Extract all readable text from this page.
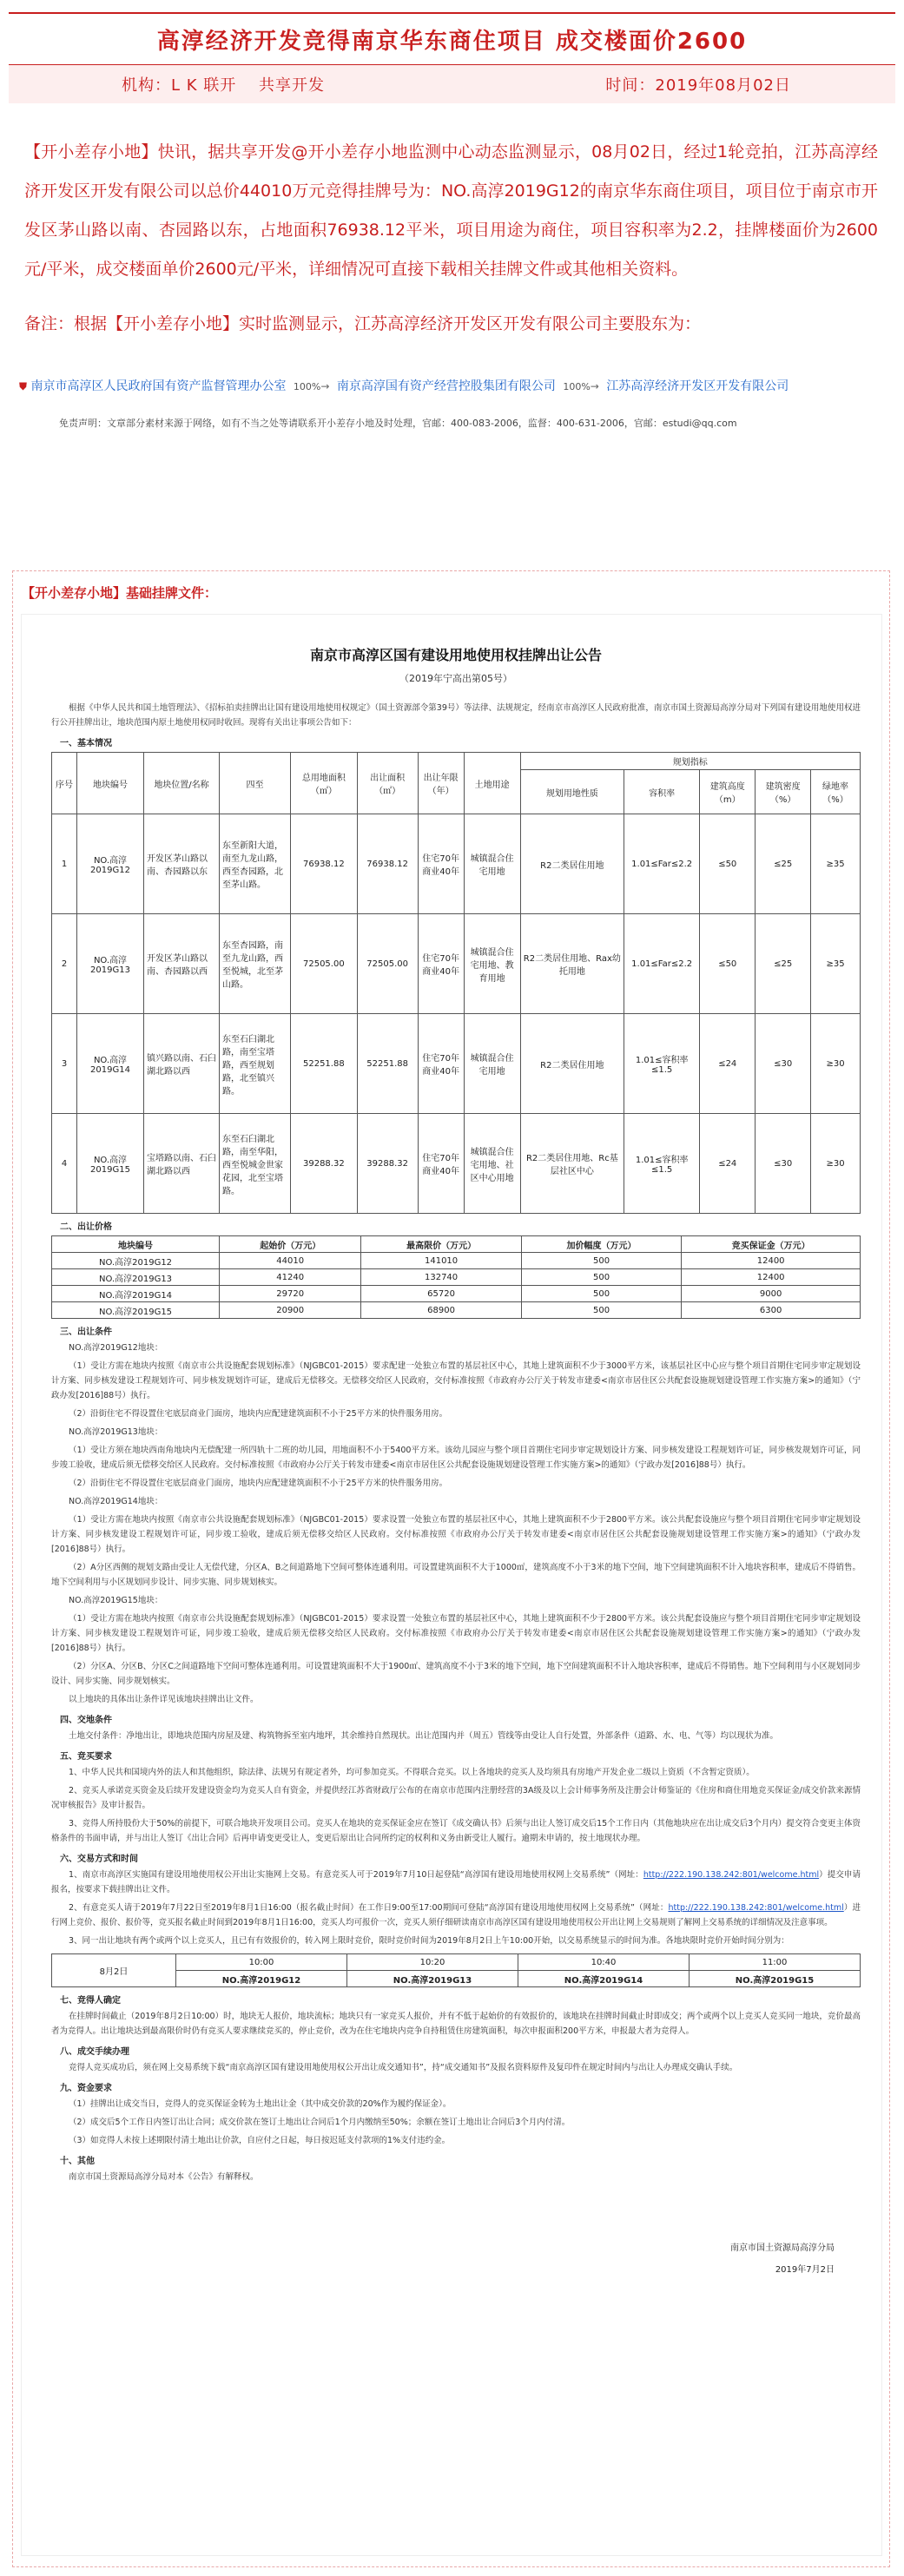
高淳经济开发竞得南京华东商住项目 成交楼面价2600
机构：L K 联开　 共享开发	时间：2019年08月02日
【开小差存小地】快讯，据共享开发@开小差存小地监测中心动态监测显示，08月02日，经过1轮竞拍，江苏高淳经济开发区开发有限公司以总价44010万元竞得挂牌号为：NO.高淳2019G12的南京华东商住项目，项目位于南京市开发区茅山路以南、杏园路以东，占地面积76938.12平米，项目用途为商住，项目容积率为2.2，挂牌楼面价为2600元/平米，成交楼面单价2600元/平米，详细情况可直接下载相关挂牌文件或其他相关资料。
备注：根据【开小差存小地】实时监测显示，江苏高淳经济开发区开发有限公司主要股东为：
⛊ 南京市高淳区人民政府国有资产监督管理办公室 100%→ 南京高淳国有资产经营控股集团有限公司 100%→ 江苏高淳经济开发区开发有限公司
免责声明：文章部分素材来源于网络，如有不当之处等请联系开小差存小地及时处理，官邮：400-083-2006，监督：400-631-2006，官邮：estudi@qq.com
【开小差存小地】基础挂牌文件：
南京市高淳区国有建设用地使用权挂牌出让公告
（2019年宁高出第05号）

根据《中华人民共和国土地管理法》、《招标拍卖挂牌出让国有建设用地使用权规定》（国土资源部令第39号）等法律、法规规定，经南京市高淳区人民政府批准，南京市国土资源局高淳分局对下列国有建设用地使用权进行公开挂牌出让，地块范围内原土地使用权同时收回。现将有关出让事项公告如下：

一、基本情况
序号	地块编号	地块位置/名称	四至	总用地面积（㎡）	出让面积（㎡）	出让年限（年）	土地用途	规划指标				
								规划用地性质	容积率	建筑高度（m）	建筑密度（%）	绿地率（%）
1	NO.高淳2019G12	开发区茅山路以南、杏园路以东	东至新阳大道，南至九龙山路，西至杏园路，北至茅山路。	76938.12	76938.12	住宅70年商业40年	城镇混合住宅用地	R2二类居住用地	1.01≤Far≤2.2	≤50	≤25	≥35
2	NO.高淳2019G13	开发区茅山路以南、杏园路以西	东至杏园路，南至九龙山路，西至悦城，北至茅山路。	72505.00	72505.00	住宅70年商业40年	城镇混合住宅用地、教育用地	R2二类居住用地、Rax幼托用地	1.01≤Far≤2.2	≤50	≤25	≥35
3	NO.高淳2019G14	镇兴路以南、石臼湖北路以西	东至石臼湖北路，南至宝塔路，西至规划路，北至镇兴路。	52251.88	52251.88	住宅70年商业40年	城镇混合住宅用地	R2二类居住用地	1.01≤容积率≤1.5	≤24	≤30	≥30
4	NO.高淳2019G15	宝塔路以南、石臼湖北路以西	东至石臼湖北路，南至华阳，西至悦城金世家花园，北至宝塔路。	39288.32	39288.32	住宅70年商业40年	城镇混合住宅用地、社区中心用地	R2二类居住用地、Rc基层社区中心	1.01≤容积率≤1.5	≤24	≤30	≥30
二、出让价格
地块编号	起始价（万元）	最高限价（万元）	加价幅度（万元）	竞买保证金（万元）
NO.高淳2019G12	44010	141010	500	12400
NO.高淳2019G13	41240	132740	500	12400
NO.高淳2019G14	29720	65720	500	9000
NO.高淳2019G15	20900	68900	500	6300
三、出让条件

NO.高淳2019G12地块：

（1）受让方需在地块内按照《南京市公共设施配套规划标准》（NJGBC01-2015）要求配建一处独立布置的基层社区中心，其地上建筑面积不少于3000平方米，该基层社区中心应与整个项目首期住宅同步审定规划设计方案、同步核发建设工程规划许可、同步核发规划许可证，建成后无偿移交。无偿移交给区人民政府，交付标准按照《市政府办公厅关于转发市建委<南京市居住区公共配套设施规划建设管理工作实施方案>的通知》（宁政办发[2016]88号）执行。

（2）沿街住宅不得设置住宅底层商业门面房，地块内应配建建筑面积不小于25平方米的快件服务用房。

NO.高淳2019G13地块：

（1）受让方须在地块西南角地块内无偿配建一所四轨十二班的幼儿园，用地面积不小于5400平方米。该幼儿园应与整个项目首期住宅同步审定规划设计方案、同步核发建设工程规划许可证，同步核发规划许可证，同步竣工验收，建成后须无偿移交给区人民政府。交付标准按照《市政府办公厅关于转发市建委<南京市居住区公共配套设施规划建设管理工作实施方案>的通知》（宁政办发[2016]88号）执行。

（2）沿街住宅不得设置住宅底层商业门面房，地块内应配建建筑面积不小于25平方米的快件服务用房。

NO.高淳2019G14地块：

（1）受让方需在地块内按照《南京市公共设施配套规划标准》（NJGBC01-2015）要求设置一处独立布置的基层社区中心，其地上建筑面积不少于2800平方米。该公共配套设施应与整个项目首期住宅同步审定规划设计方案、同步核发建设工程规划许可证，同步竣工验收，建成后须无偿移交给区人民政府。交付标准按照《市政府办公厅关于转发市建委<南京市居住区公共配套设施规划建设管理工作实施方案>的通知》（宁政办发[2016]88号）执行。

（2）A分区西侧的规划支路由受让人无偿代建，分区A、B之间道路地下空间可整体连通利用。可设置建筑面积不大于1000㎡，建筑高度不小于3米的地下空间，地下空间建筑面积不计入地块容积率，建成后不得销售。地下空间利用与小区规划同步设计、同步实施、同步规划核实。

NO.高淳2019G15地块：

（1）受让方需在地块内按照《南京市公共设施配套规划标准》（NJGBC01-2015）要求设置一处独立布置的基层社区中心，其地上建筑面积不少于2800平方米。该公共配套设施应与整个项目首期住宅同步审定规划设计方案、同步核发建设工程规划许可证，同步竣工验收，建成后须无偿移交给区人民政府。交付标准按照《市政府办公厅关于转发市建委<南京市居住区公共配套设施规划建设管理工作实施方案>的通知》（宁政办发[2016]88号）执行。

（2）分区A、分区B、分区C之间道路地下空间可整体连通利用。可设置建筑面积不大于1900㎡、建筑高度不小于3米的地下空间，地下空间建筑面积不计入地块容积率，建成后不得销售。地下空间利用与小区规划同步设计、同步实施、同步规划核实。

以上地块的具体出让条件详见该地块挂牌出让文件。

四、交地条件

土地交付条件：净地出让，即地块范围内房屋及建、构筑物拆至室内地坪，其余维持自然现状。出让范围内并（周五）管线等由受让人自行处置，外部条件（道路、水、电、气等）均以现状为准。

五、竞买要求

1、中华人民共和国境内外的法人和其他组织，除法律、法规另有规定者外，均可参加竞买。不得联合竞买。以上各地块的竞买人及均须具有房地产开发企业二级以上资质（不含暂定资质）。

2、竞买人承诺竞买资金及后续开发建设资金均为竞买人自有资金，并提供经江苏省财政厅公布的在南京市范围内注册经营的3A级及以上会计师事务所及注册会计师鉴证的《住房和商住用地竞买保证金/成交价款来源情况审核报告》及审计报告。

3、竞得人所持股份大于50%的前提下，可联合地块开发项目公司。竞买人在地块的竞买保证金应在签订《成交确认书》后须与出让人签订成交后15个工作日内（其他地块应在出让成交后3个月内）提交符合变更主体资格条件的书面申请，并与出让人签订《出让合同》后再申请变更受让人，变更后原出让合同所约定的权利和义务由新受让人履行。逾期未申请的，按土地现状办理。

六、交易方式和时间

1、南京市高淳区实施国有建设用地使用权公开出让实施网上交易。有意竞买人可于2019年7月10日起登陆“高淳国有建设用地使用权网上交易系统”（网址：http://222.190.138.242:801/welcome.html）提交申请报名，按要求下载挂牌出让文件。

2、有意竞买人请于2019年7月22日至2019年8月1日16:00（报名截止时间）在工作日9:00至17:00期间可登陆“高淳国有建设用地使用权网上交易系统”（网址：http://222.190.138.242:801/welcome.html）进行网上竞价、报价、报价等，竞买报名截止时间到2019年8月1日16:00，竞买人均可报价一次，竞买人须仔细研读南京市高淳区国有建设用地使用权公开出让网上交易规则了解网上交易系统的详细情况及注意事项。

3、同一出让地块有两个或两个以上竞买人，且已有有效报价的，转入网上限时竞价，限时竞价时间为2019年8月2日上午10:00开始，以交易系统显示的时间为准。各地块限时竞价开始时间分别为：

8月2日	10:00	10:20	10:40	11:00
	NO.高淳2019G12	NO.高淳2019G13	NO.高淳2019G14	NO.高淳2019G15
七、竞得人确定

在挂牌时间截止（2019年8月2日10:00）时，地块无人报价，地块流标；地块只有一家竞买人报价，并有不低于起始价的有效报价的，该地块在挂牌时间截止时即成交；两个或两个以上竞买人竞买同一地块，竞价最高者为竞得人。出让地块达到最高限价时仍有竞买人要求继续竞买的，停止竞价，改为在住宅地块内竞争自持租赁住房建筑面积，每次申报面积200平方米，申报最大者为竞得人。

八、成交手续办理

竞得人竞买成功后，须在网上交易系统下载“南京高淳区国有建设用地使用权公开出让成交通知书”，持“成交通知书”及报名资料原件及复印件在规定时间内与出让人办理成交确认手续。

九、资金要求

（1）挂牌出让成交当日，竞得人的竞买保证金转为土地出让金（其中成交价款的20%作为履约保证金）。

（2）成交后5个工作日内签订出让合同；成交价款在签订土地出让合同后1个月内缴纳至50%；余额在签订土地出让合同后3个月内付清。

（3）如竞得人未按上述期限付清土地出让价款，自应付之日起，每日按迟延支付款项的1%支付违约金。

十、其他

南京市国土资源局高淳分局对本《公告》有解释权。

南京市国土资源局高淳分局
2019年7月2日
